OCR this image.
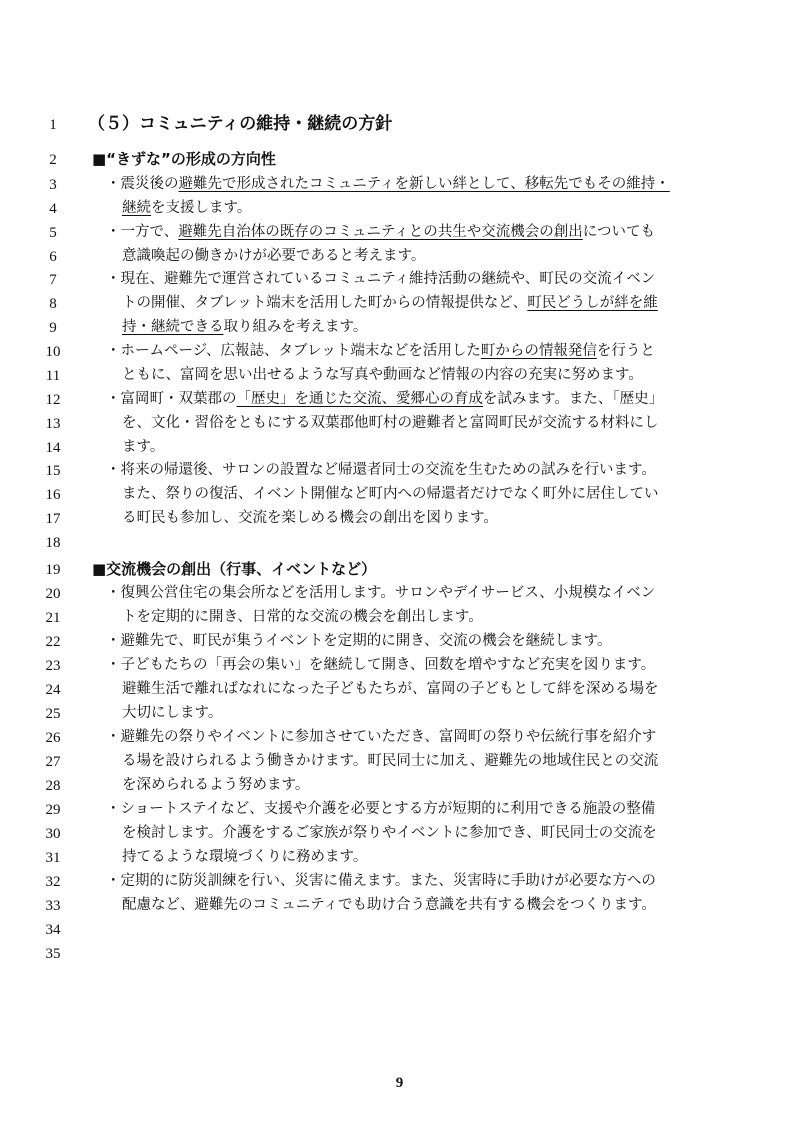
1
2
3
4
5
6
7
8
9
10
11
12
13
14
15
16
17
18
19
20
21
22
23
24
25
26
27
28
29
30
31
32
33
34
35
（５）コミュニティの維持・継続の方針
■“きずな”の形成の方向性
・震災後の避難先で形成されたコミュニティを新しい絆として、移転先でもその維持・
継続を支援します。
・一方で、避難先自治体の既存のコミュニティとの共生や交流機会の創出についても
意識喚起の働きかけが必要であると考えます。
・現在、避難先で運営されているコミュニティ維持活動の継続や、町民の交流イベン
トの開催、タブレット端末を活用した町からの情報提供など、町民どうしが絆を維
持・継続できる取り組みを考えます。
・ホームページ、広報誌、タブレット端末などを活用した町からの情報発信を行うと
ともに、富岡を思い出せるような写真や動画など情報の内容の充実に努めます。
・富岡町・双葉郡の「歴史」を通じた交流、愛郷心の育成を試みます。また、「歴史」
を、文化・習俗をともにする双葉郡他町村の避難者と富岡町民が交流する材料にし
ます。
・将来の帰還後、サロンの設置など帰還者同士の交流を生むための試みを行います。
また、祭りの復活、イベント開催など町内への帰還者だけでなく町外に居住してい
る町民も参加し、交流を楽しめる機会の創出を図ります。
■交流機会の創出（行事、イベントなど）
・復興公営住宅の集会所などを活用します。サロンやデイサービス、小規模なイベン
トを定期的に開き、日常的な交流の機会を創出します。
・避難先で、町民が集うイベントを定期的に開き、交流の機会を継続します。
・子どもたちの「再会の集い」を継続して開き、回数を増やすなど充実を図ります。
避難生活で離ればなれになった子どもたちが、富岡の子どもとして絆を深める場を
大切にします。
・避難先の祭りやイベントに参加させていただき、富岡町の祭りや伝統行事を紹介す
る場を設けられるよう働きかけます。町民同士に加え、避難先の地域住民との交流
を深められるよう努めます。
・ショートステイなど、支援や介護を必要とする方が短期的に利用できる施設の整備
を検討します。介護をするご家族が祭りやイベントに参加でき、町民同士の交流を
持てるような環境づくりに務めます。
・定期的に防災訓練を行い、災害に備えます。また、災害時に手助けが必要な方への
配慮など、避難先のコミュニティでも助け合う意識を共有する機会をつくります。
9
